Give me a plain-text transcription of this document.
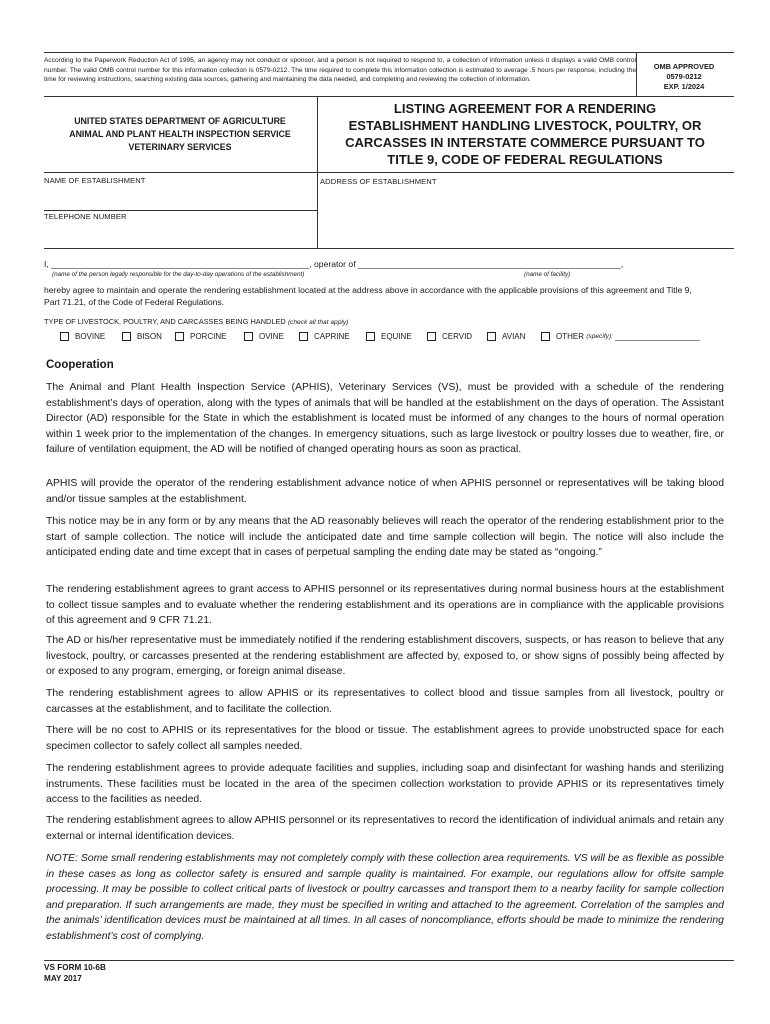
According to the Paperwork Reduction Act of 1995, an agency may not conduct or sponsor, and a person is not required to respond to, a collection of information unless it displays a valid OMB control number. The valid OMB control number for this information collection is 0579-0212. The time required to complete this information collection is estimated to average .5 hours per response, including the time for reviewing instructions, searching existing data sources, gathering and maintaining the data needed, and completing and reviewing the collection of information.
OMB APPROVED
0579-0212
EXP. 1/2024
UNITED STATES DEPARTMENT OF AGRICULTURE
ANIMAL AND PLANT HEALTH INSPECTION SERVICE
VETERINARY SERVICES
LISTING AGREEMENT FOR A RENDERING
ESTABLISHMENT HANDLING LIVESTOCK, POULTRY, OR
CARCASSES IN INTERSTATE COMMERCE PURSUANT TO
TITLE 9, CODE OF FEDERAL REGULATIONS
NAME OF ESTABLISHMENT	ADDRESS OF ESTABLISHMENT
TELEPHONE NUMBER
I, ______________________________________________________, operator of _______________________________________________________,
(name of the person legally responsible for the day-to-day operations of the establishment)	(name of facility)
hereby agree to maintain and operate the rendering establishment located at the address above in accordance with the applicable provisions of this agreement and Title 9, Part 71.21, of the Code of Federal Regulations.
TYPE OF LIVESTOCK, POULTRY, AND CARCASSES BEING HANDLED (check all that apply)
BOVINE	BISON	PORCINE	OVINE	CAPRINE	EQUINE	CERVID	AVIAN	OTHER
(specify):
___________________
Cooperation
The Animal and Plant Health Inspection Service (APHIS), Veterinary Services (VS), must be provided with a schedule of the rendering establishment’s days of operation, along with the types of animals that will be handled at the establishment on the days of operation. The Assistant Director (AD) responsible for the State in which the establishment is located must be informed of any changes to the hours of normal operation within 1 week prior to the implementation of the changes. In emergency situations, such as large livestock or poultry losses due to weather, fire, or failure of ventilation equipment, the AD will be notified of changed operating hours as soon as practical.
APHIS will provide the operator of the rendering establishment advance notice of when APHIS personnel or representatives will be taking blood and/or tissue samples at the establishment.
This notice may be in any form or by any means that the AD reasonably believes will reach the operator of the rendering establishment prior to the start of sample collection. The notice will include the anticipated date and time sample collection will begin. The notice will also include the anticipated ending date and time except that in cases of perpetual sampling the ending date may be stated as “ongoing.”
The rendering establishment agrees to grant access to APHIS personnel or its representatives during normal business hours at the establishment to collect tissue samples and to evaluate whether the rendering establishment and its operations are in compliance with the applicable provisions of this agreement and 9 CFR 71.21.
The AD or his/her representative must be immediately notified if the rendering establishment discovers, suspects, or has reason to believe that any livestock, poultry, or carcasses presented at the rendering establishment are affected by, exposed to, or show signs of possibly being affected by or exposed to any program, emerging, or foreign animal disease.
The rendering establishment agrees to allow APHIS or its representatives to collect blood and tissue samples from all livestock, poultry or carcasses at the establishment, and to facilitate the collection.
There will be no cost to APHIS or its representatives for the blood or tissue. The establishment agrees to provide unobstructed space for each specimen collector to safely collect all samples needed.
The rendering establishment agrees to provide adequate facilities and supplies, including soap and disinfectant for washing hands and sterilizing instruments. These facilities must be located in the area of the specimen collection workstation to provide APHIS or its representatives timely access to the facilities as needed.
The rendering establishment agrees to allow APHIS personnel or its representatives to record the identification of individual animals and retain any external or internal identification devices.
NOTE: Some small rendering establishments may not completely comply with these collection area requirements. VS will be as flexible as possible in these cases as long as collector safety is ensured and sample quality is maintained. For example, our regulations allow for offsite sample processing. It may be possible to collect critical parts of livestock or poultry carcasses and transport them to a nearby facility for sample collection and preparation. If such arrangements are made, they must be specified in writing and attached to the agreement. Correlation of the samples and the animals’ identification devices must be maintained at all times. In all cases of noncompliance, efforts should be made to minimize the rendering establishment’s cost of complying.
VS FORM 10-6B
MAY 2017
